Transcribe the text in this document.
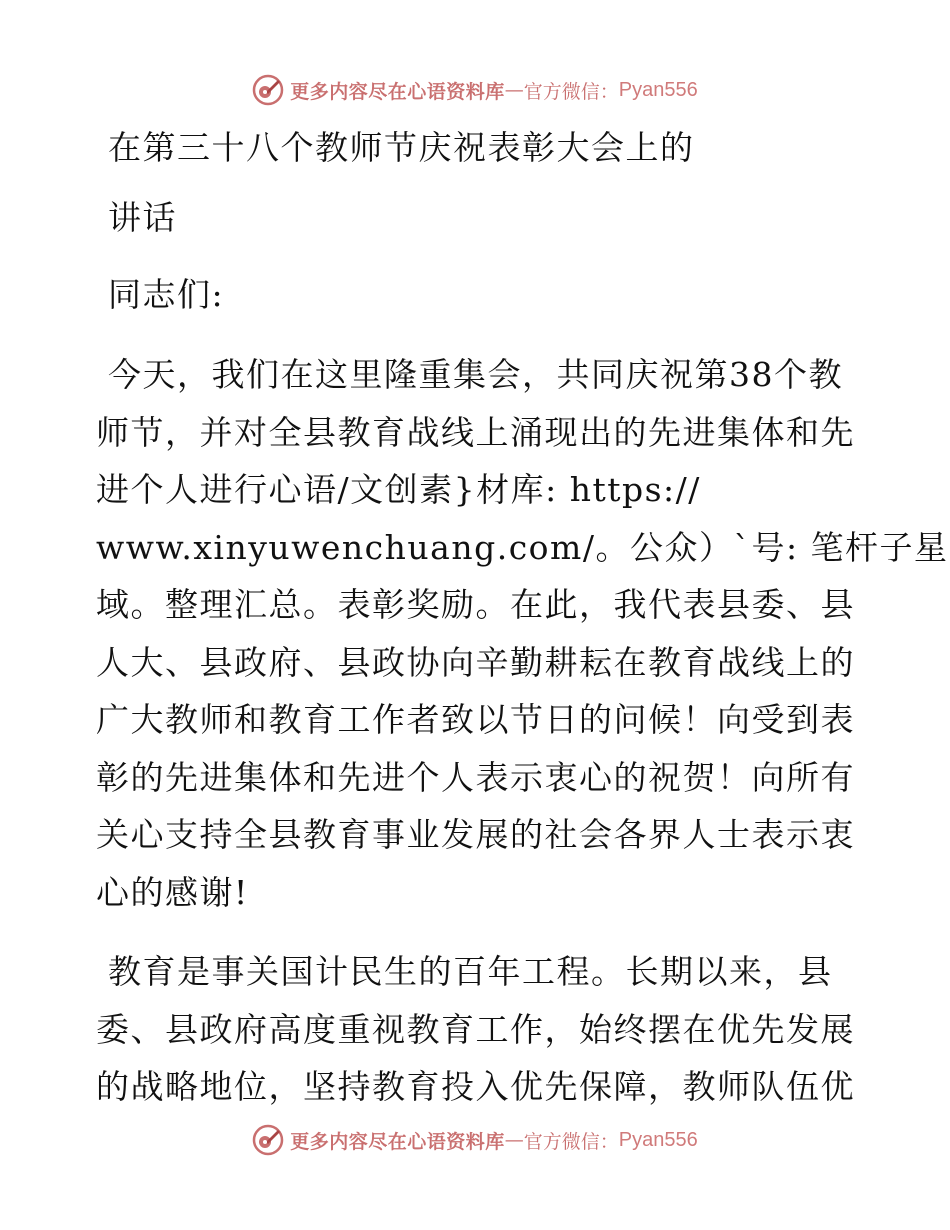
更多内容尽在心语资料库 — 官方微信： Pyan556
在第三十八个教师节庆祝表彰大会上的
讲话
同志们:
今天，我们在这里隆重集会，共同庆祝第38个教
师节，并对全县教育战线上涌现出的先进集体和先
进个人进行心语/文创素}材库: https://
www.xinyuwenchuang.com/。公众）`号: 笔杆子星
域。整理汇总。表彰奖励。在此，我代表县委、县
人大、县政府、县政协向辛勤耕耘在教育战线上的
广大教师和教育工作者致以节日的问候！向受到表
彰的先进集体和先进个人表示衷心的祝贺！向所有
关心支持全县教育事业发展的社会各界人士表示衷
心的感谢!
教育是事关国计民生的百年工程。长期以来，县
委、县政府高度重视教育工作，始终摆在优先发展
的战略地位，坚持教育投入优先保障，教师队伍优
更多内容尽在心语资料库 — 官方微信： Pyan556
